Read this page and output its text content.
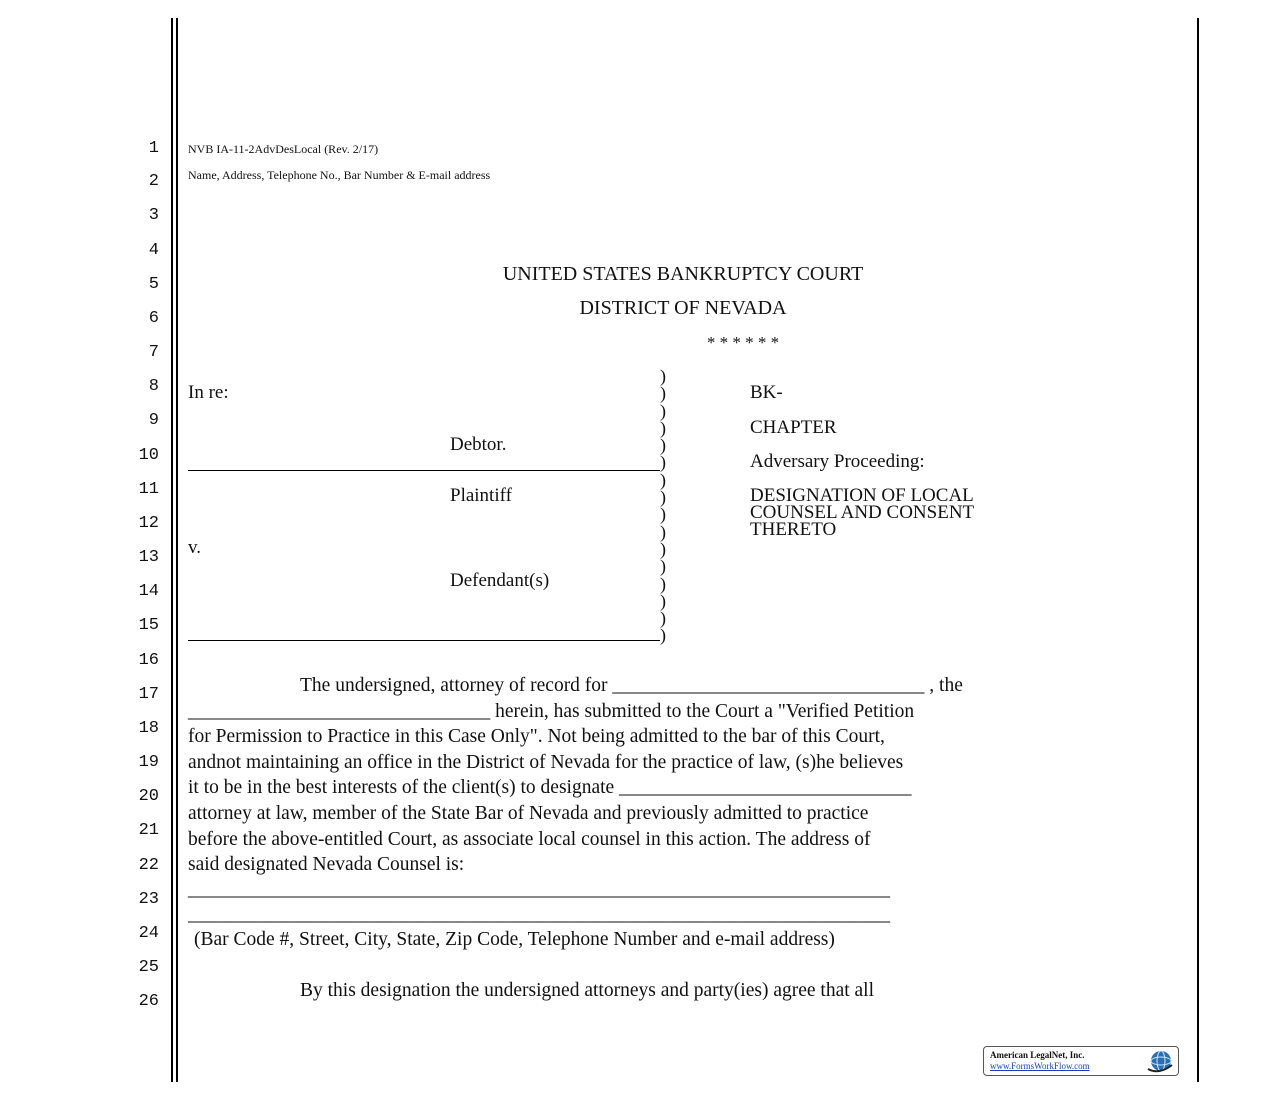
1
2
3
4
5
6
7
8
9
10
11
12
13
14
15
16
17
18
19
20
21
22
23
24
25
26
NVB IA-11-2AdvDesLocal (Rev. 2/17)
Name, Address, Telephone No., Bar Number & E-mail address
UNITED STATES BANKRUPTCY COURT
DISTRICT OF NEVADA
* * * * * *
In re:
Debtor.
Plaintiff
v.
Defendant(s)
)
)
)
)
)
)
)
)
)
)
)
)
)
)
)
)
BK-
CHAPTER
Adversary Proceeding:
DESIGNATION OF LOCAL
COUNSEL AND CONSENT
THERETO

The undersigned, attorney of record for ________________________________ , the

_______________________________ herein, has submitted to the Court a "Verified Petition

for Permission to Practice in this Case Only". Not being admitted to the bar of this Court,

andnot maintaining an office in the District of Nevada for the practice of law, (s)he believes

it to be in the best interests of the client(s) to designate ______________________________

attorney at law, member of the State Bar of Nevada and previously admitted to practice

before the above-entitled Court, as associate local counsel in this action. The address of

said designated Nevada Counsel is:

________________________________________________________________________
________________________________________________________________________
(Bar Code #, Street, City, State, Zip Code, Telephone Number and e-mail address)
By this designation the undersigned attorneys and party(ies) agree that all
American LegalNet, Inc.
www.FormsWorkFlow.com
